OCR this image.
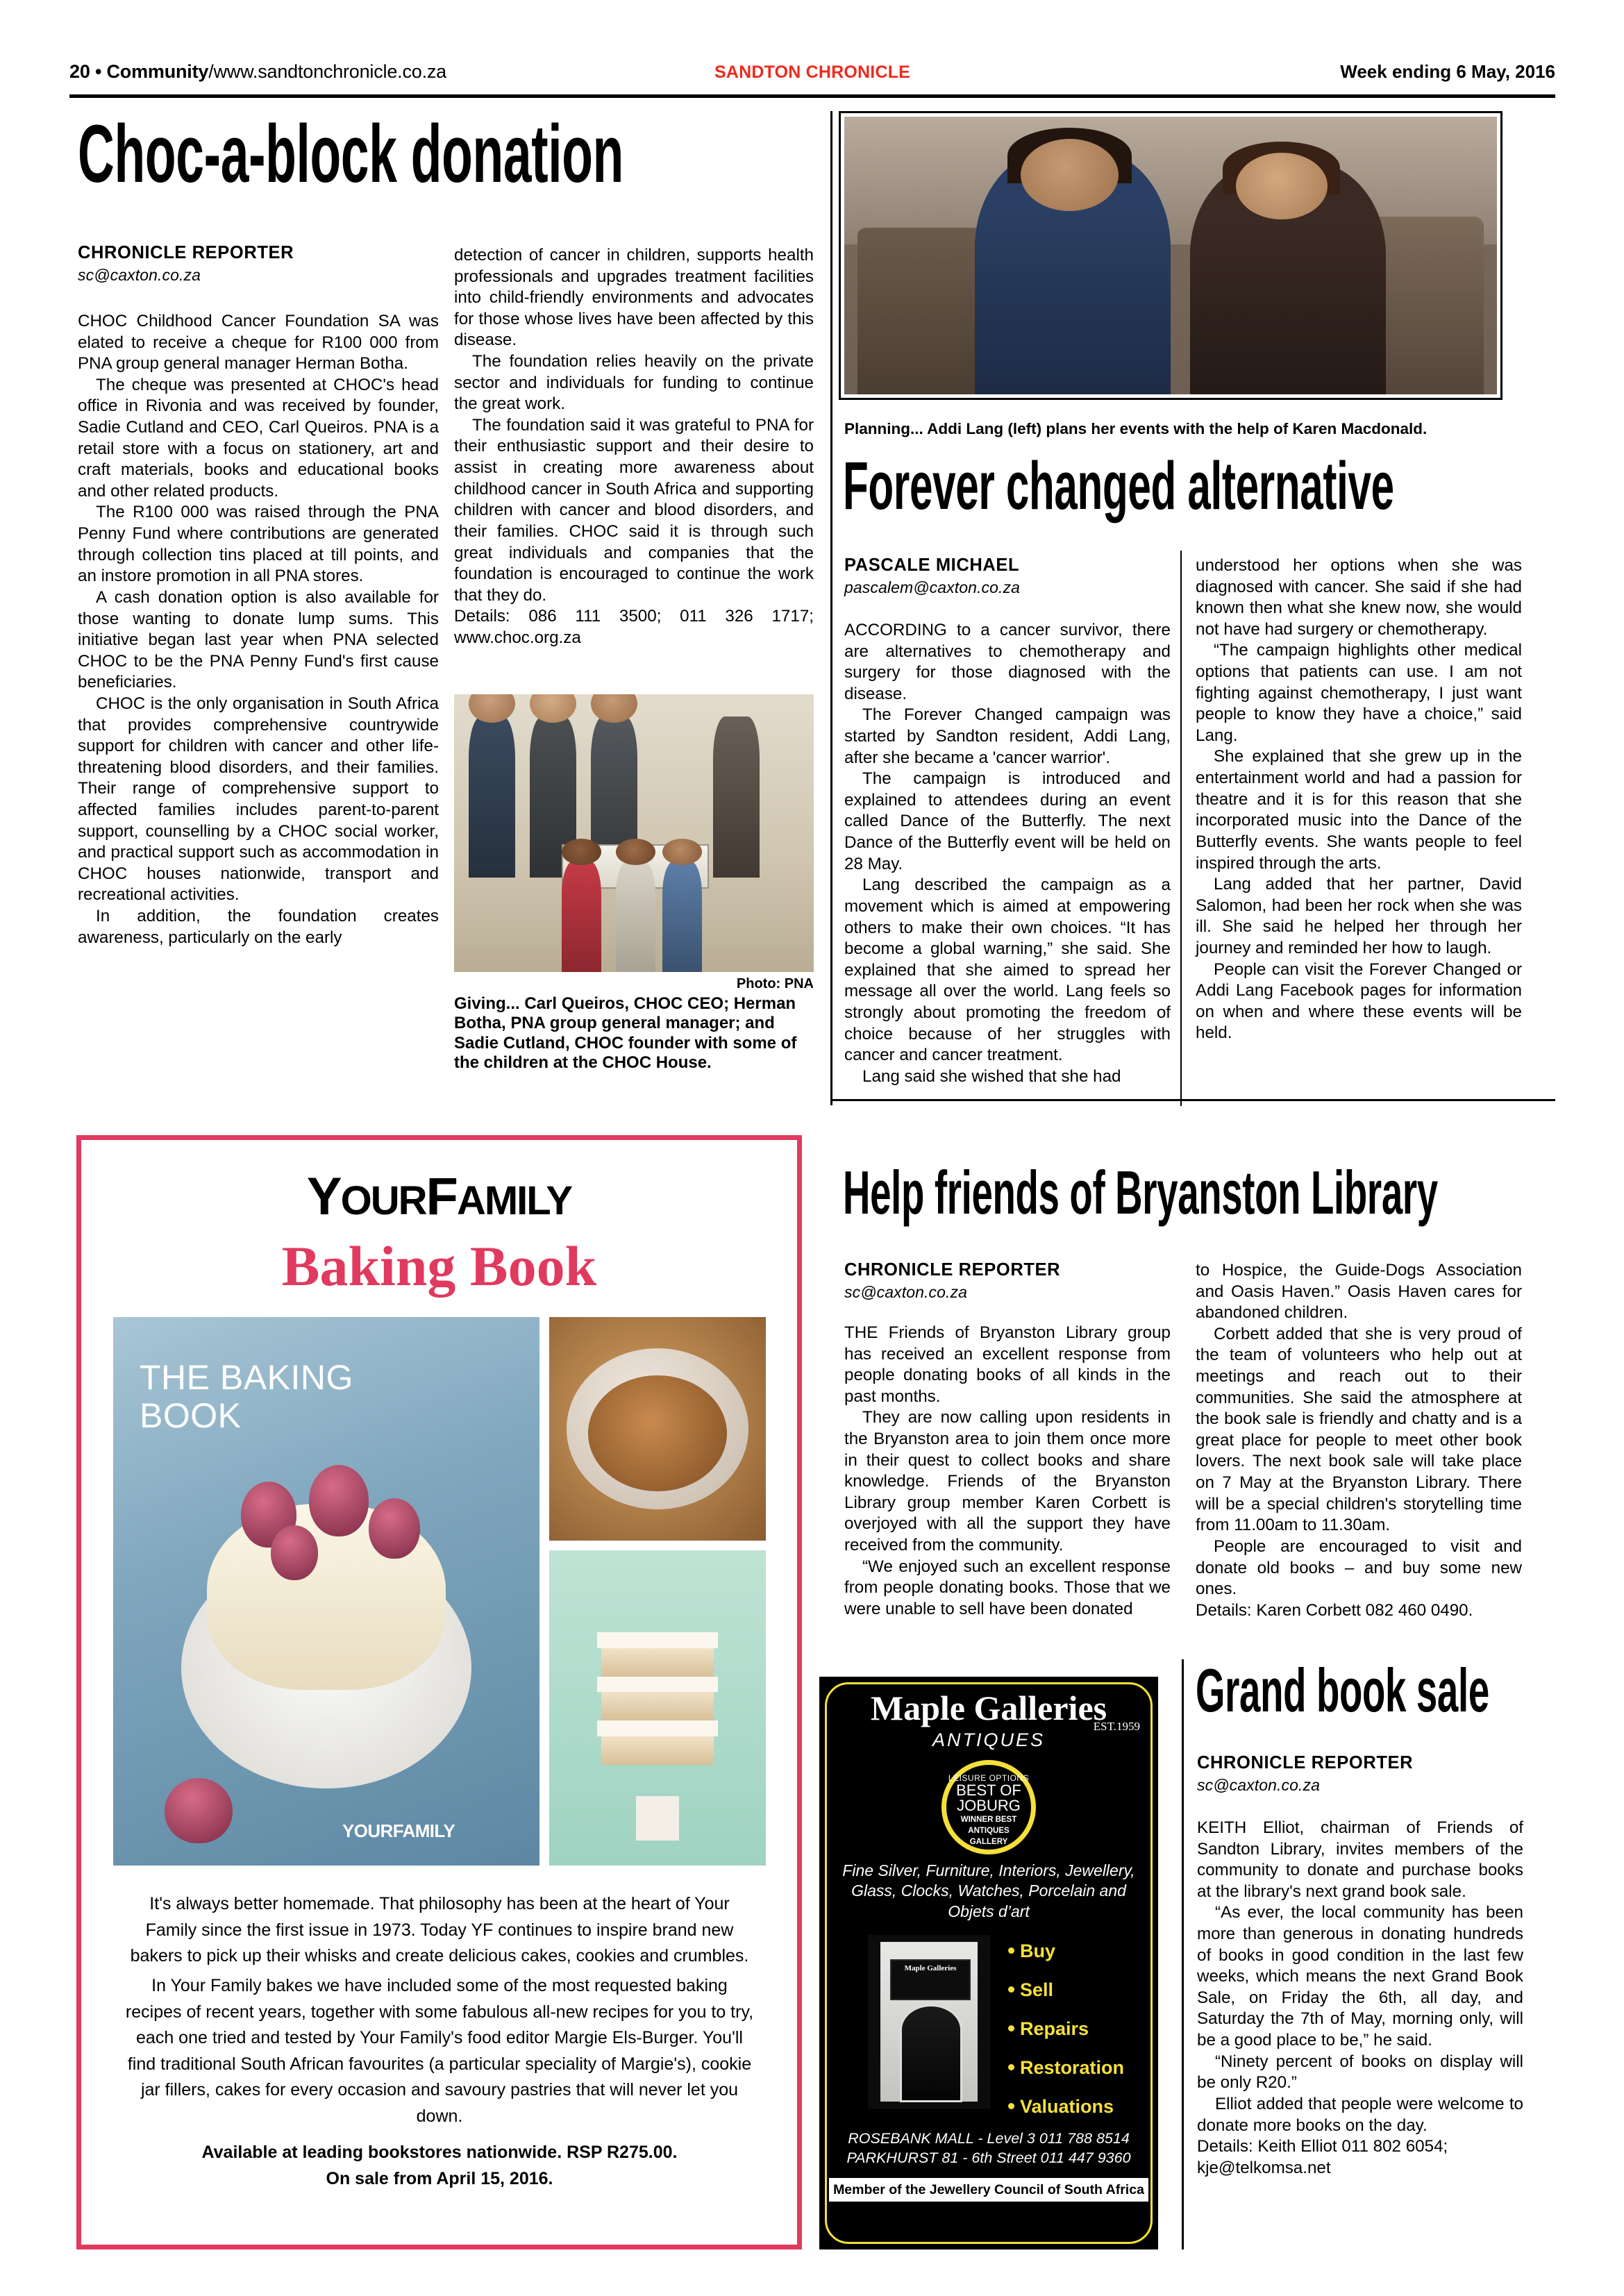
20 • Community/www.sandtonchronicle.co.za	SANDTON CHRONICLE	Week ending 6 May, 2016
Choc-a-block donation
CHRONICLE REPORTER
sc@caxton.co.za

CHOC Childhood Cancer Foundation SA was elated to receive a cheque for R100 000 from PNA group general manager Herman Botha.

The cheque was presented at CHOC's head office in Rivonia and was received by founder, Sadie Cutland and CEO, Carl Queiros. PNA is a retail store with a focus on stationery, art and craft materials, books and educational books and other related products.

The R100 000 was raised through the PNA Penny Fund where contributions are generated through collection tins placed at till points, and an instore promotion in all PNA stores.

A cash donation option is also available for those wanting to donate lump sums. This initiative began last year when PNA selected CHOC to be the PNA Penny Fund's first cause beneficiaries.

CHOC is the only organisation in South Africa that provides comprehensive countrywide support for children with cancer and other life-threatening blood disorders, and their families. Their range of comprehensive support to affected families includes parent-to-parent support, counselling by a CHOC social worker, and practical support such as accommodation in CHOC houses nationwide, transport and recreational activities.

In addition, the foundation creates awareness, particularly on the early

detection of cancer in children, supports health professionals and upgrades treatment facilities into child-friendly environments and advocates for those whose lives have been affected by this disease.

The foundation relies heavily on the private sector and individuals for funding to continue the great work.

The foundation said it was grateful to PNA for their enthusiastic support and their desire to assist in creating more awareness about childhood cancer in South Africa and supporting children with cancer and blood disorders, and their families. CHOC said it is through such great individuals and companies that the foundation is encouraged to continue the work that they do.

Details: 086 111 3500; 011 326 1717; www.choc.org.za

Photo: PNA
Giving... Carl Queiros, CHOC CEO; Herman Botha, PNA group general manager; and Sadie Cutland, CHOC founder with some of the children at the CHOC House.
Planning... Addi Lang (left) plans her events with the help of Karen Macdonald.
Forever changed alternative
PASCALE MICHAEL
pascalem@caxton.co.za

ACCORDING to a cancer survivor, there are alternatives to chemotherapy and surgery for those diagnosed with the disease.

The Forever Changed campaign was started by Sandton resident, Addi Lang, after she became a 'cancer warrior'.

The campaign is introduced and explained to attendees during an event called Dance of the Butterfly. The next Dance of the Butterfly event will be held on 28 May.

Lang described the campaign as a movement which is aimed at empowering others to make their own choices. “It has become a global warning,” she said. She explained that she aimed to spread her message all over the world. Lang feels so strongly about promoting the freedom of choice because of her struggles with cancer and cancer treatment.

Lang said she wished that she had

understood her options when she was diagnosed with cancer. She said if she had known then what she knew now, she would not have had surgery or chemotherapy.

“The campaign highlights other medical options that patients can use. I am not fighting against chemotherapy, I just want people to know they have a choice,” said Lang.

She explained that she grew up in the entertainment world and had a passion for theatre and it is for this reason that she incorporated music into the Dance of the Butterfly events. She wants people to feel inspired through the arts.

Lang added that her partner, David Salomon, had been her rock when she was ill. She said he helped her through her journey and reminded her how to laugh.

People can visit the Forever Changed or Addi Lang Facebook pages for information on when and where these events will be held.

Help friends of Bryanston Library
CHRONICLE REPORTER
sc@caxton.co.za

THE Friends of Bryanston Library group has received an excellent response from people donating books of all kinds in the past months.

They are now calling upon residents in the Bryanston area to join them once more in their quest to collect books and share knowledge. Friends of the Bryanston Library group member Karen Corbett is overjoyed with all the support they have received from the community.

“We enjoyed such an excellent response from people donating books. Those that we were unable to sell have been donated

to Hospice, the Guide-Dogs Association and Oasis Haven.” Oasis Haven cares for abandoned children.

Corbett added that she is very proud of the team of volunteers who help out at meetings and reach out to their communities. She said the atmosphere at the book sale is friendly and chatty and is a great place for people to meet other book lovers. The next book sale will take place on 7 May at the Bryanston Library. There will be a special children's storytelling time from 11.00am to 11.30am.

People are encouraged to visit and donate old books – and buy some new ones.

Details: Karen Corbett 082 460 0490.

Grand book sale
CHRONICLE REPORTER
sc@caxton.co.za

KEITH Elliot, chairman of Friends of Sandton Library, invites members of the community to donate and purchase books at the library's next grand book sale.

“As ever, the local community has been more than generous in donating hundreds of books in good condition in the last few weeks, which means the next Grand Book Sale, on Friday the 6th, all day, and Saturday the 7th of May, morning only, will be a good place to be,” he said.

“Ninety percent of books on display will be only R20.”

Elliot added that people were welcome to donate more books on the day.

Details: Keith Elliot 011 802 6054;

kje@telkomsa.net

YOURFAMILY
Baking Book
THE BAKING
BOOK
YOURFAMILY
It's always better homemade. That philosophy has been at the heart of Your Family since the first issue in 1973. Today YF continues to inspire brand new bakers to pick up their whisks and create delicious cakes, cookies and crumbles.
In Your Family bakes we have included some of the most requested baking recipes of recent years, together with some fabulous all-new recipes for you to try, each one tried and tested by Your Family's food editor Margie Els-Burger. You'll find traditional South African favourites (a particular speciality of Margie's), cookie jar fillers, cakes for every occasion and savoury pastries that will never let you down.
Available at leading bookstores nationwide. RSP R275.00.
On sale from April 15, 2016.
Maple Galleries
EST.1959
ANTIQUES
LEISURE OPTIONS
BEST OF
JOBURG
WINNER BEST
ANTIQUES
GALLERY
Fine Silver, Furniture, Interiors, Jewellery, Glass, Clocks, Watches, Porcelain and Objets d’art
Maple Galleries
Buy
Sell
Repairs
Restoration
Valuations
ROSEBANK MALL - Level 3 011 788 8514
PARKHURST 81 - 6th Street 011 447 9360
Member of the Jewellery Council of South Africa
